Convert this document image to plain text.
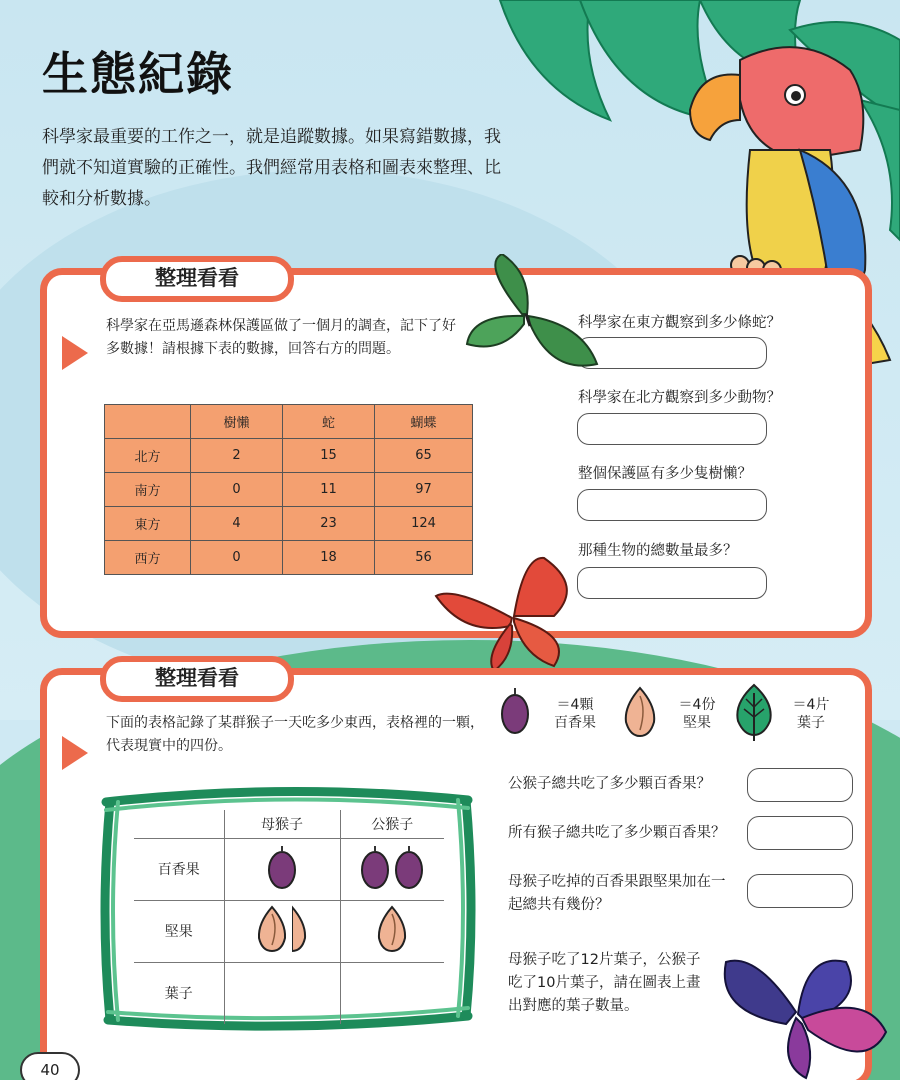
生態紀錄
科學家最重要的工作之一，就是追蹤數據。如果寫錯數據，我們就不知道實驗的正確性。我們經常用表格和圖表來整理、比較和分析數據。
整理看看
科學家在亞馬遜森林保護區做了一個月的調查，記下了好多數據！請根據下表的數據，回答右方的問題。
	樹懶	蛇	蝴蝶
北方	2	15	65
南方	0	11	97
東方	4	23	124
西方	0	18	56
科學家在東方觀察到多少條蛇？
科學家在北方觀察到多少動物？
整個保護區有多少隻樹懶？
那種生物的總數量最多？
整理看看
下面的表格記錄了某群猴子一天吃多少東西，表格裡的一顆，代表現實中的四份。
＝4顆
百香果
＝4份
堅果
＝4片
葉子
	母猴子	公猴子
百香果		
堅果		
葉子		
公猴子總共吃了多少顆百香果？
所有猴子總共吃了多少顆百香果？
母猴子吃掉的百香果跟堅果加在一起總共有幾份？
母猴子吃了12片葉子，公猴子吃了10片葉子，請在圖表上畫出對應的葉子數量。
40
